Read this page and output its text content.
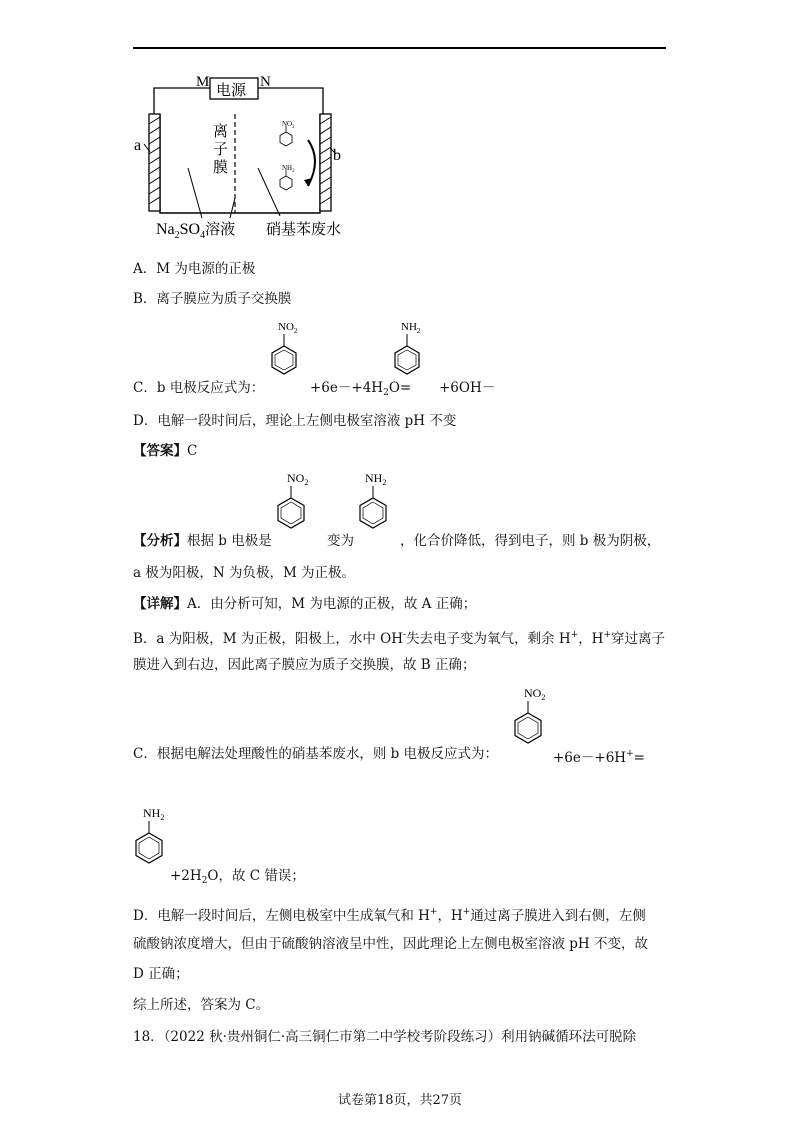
M	N
电源
a
b
离
子
膜
$NO_2$
$NH_2$
$Na_2SO_4$溶液 硝基苯废水
A．M 为电源的正极
B．离子膜应为质子交换膜
$NO_2$	$NH_2$
C．b 电极反应式为：	$+6e-+4H_2O= +6OH-$
D．电解一段时间后，理论上左侧电极室溶液 pH 不变
【答案】C
$NO_2$	$NH_2$
【分析】根据 b 电极是	变为	，化合价降低，得到电子，则 b 极为阴极，
a 极为阳极，N 为负极，M 为正极。
【详解】A．由分析可知，M 为电源的正极，故 A 正确；
B．a 为阳极，M 为正极，阳极上，水中 OH-失去电子变为氧气，剩余 H+，H+穿过离子
膜进入到右边，因此离子膜应为质子交换膜，故 B 正确；
$NO_2$
C．根据电解法处理酸性的硝基苯废水，则 b 电极反应式为：	+6e－+6H+=
$NH_2$
$+2H_2O$，故 C 错误；
D．电解一段时间后，左侧电极室中生成氧气和 H+，H+通过离子膜进入到右侧，左侧
硫酸钠浓度增大，但由于硫酸钠溶液呈中性，因此理论上左侧电极室溶液 pH 不变，故
D 正确；
综上所述，答案为 C。
18．（2022 秋·贵州铜仁·高三铜仁市第二中学校考阶段练习）利用钠碱循环法可脱除
试卷第18页，共27页
